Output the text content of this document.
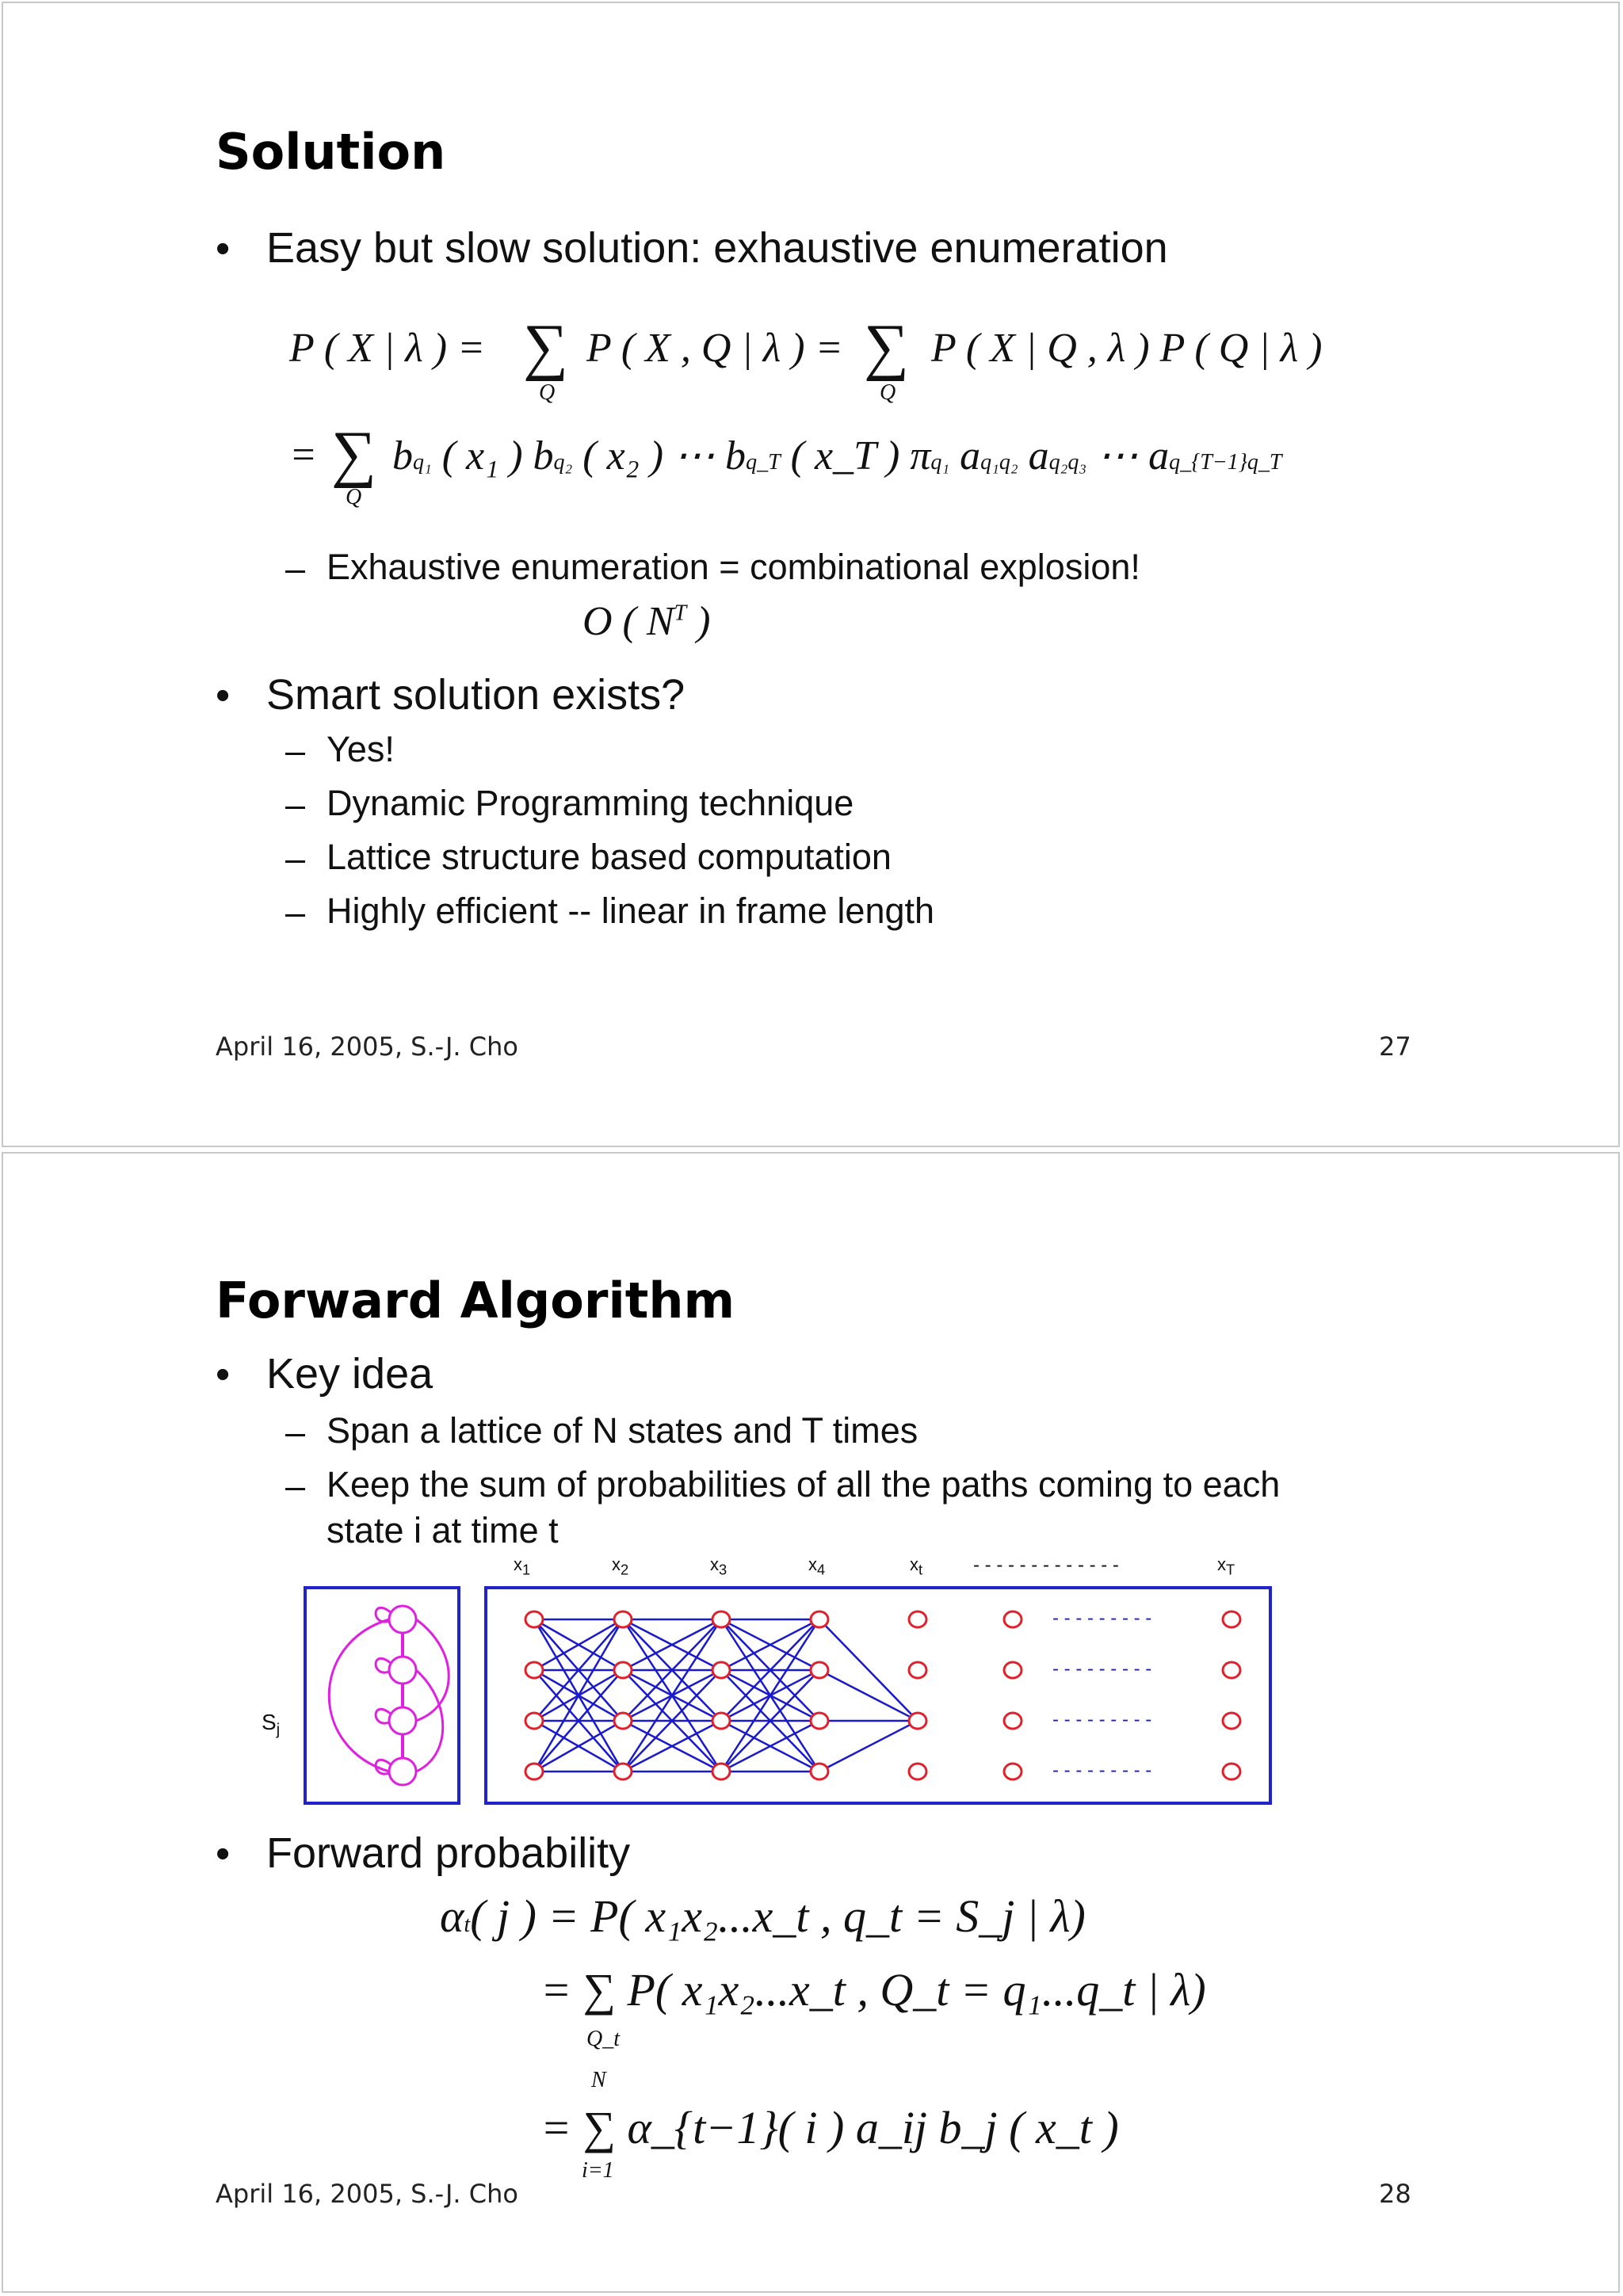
Solution
• Easy but slow solution: exhaustive enumeration
P ( X | λ ) = ∑
Q
P ( X , Q | λ ) = ∑
Q
P ( X | Q , λ ) P ( Q | λ )
= ∑
Q
bq₁ ( x₁ ) bq₂ ( x₂ ) ⋯ bq_T ( x_T ) πq₁ aq₁q₂ aq₂q₃ ⋯ aq_{T−1}q_T
– Exhaustive enumeration = combinational explosion!
O ( $N^T$ )
• Smart solution exists?
– Yes!
– Dynamic Programming technique
– Lattice structure based computation
– Highly efficient -- linear in frame length
April 16, 2005, S.-J. Cho	27
Forward Algorithm
• Key idea
– Span a lattice of N states and T times
– Keep the sum of probabilities of all the paths coming to each
state i at time t
$x_1$	$x_2$	$x_3$	$x_4$	$x_t$	- - - - - - - - - - - - -	$x_T$
$S_j$
- - - - - - - - -
- - - - - - - - -
- - - - - - - - -
- - - - - - - - -
• Forward probability
αt( j ) = P( x₁x₂...x_t , q_t = S_j | λ)
= ∑ P( x₁x₂...x_t , Q_t = q₁...q_t | λ)
Q_t
N
= ∑ α_{t−1}( i ) a_ij b_j ( x_t )
i=1
April 16, 2005, S.-J. Cho	28
